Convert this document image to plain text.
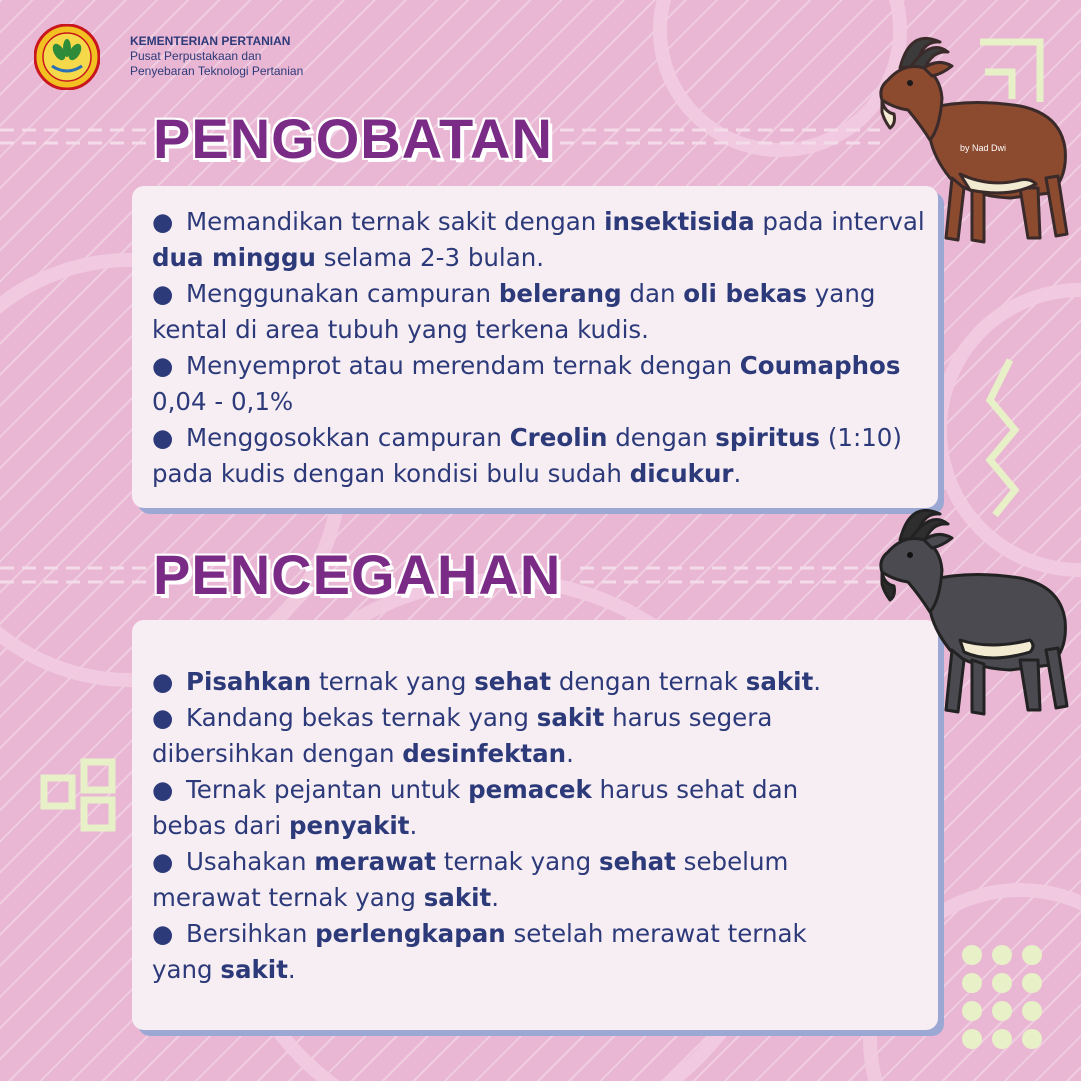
KEMENTERIAN PERTANIAN
Pusat Perpustakaan dan
Penyebaran Teknologi Pertanian
PENGOBATAN
● Memandikan ternak sakit dengan insektisida pada interval dua minggu selama 2-3 bulan.
● Menggunakan campuran belerang dan oli bekas yang kental di area tubuh yang terkena kudis.
● Menyemprot atau merendam ternak dengan Coumaphos 0,04 - 0,1%
● Menggosokkan campuran Creolin dengan spiritus (1:10) pada kudis dengan kondisi bulu sudah dicukur.
PENCEGAHAN
● Pisahkan ternak yang sehat dengan ternak sakit.
● Kandang bekas ternak yang sakit harus segera dibersihkan dengan desinfektan.
● Ternak pejantan untuk pemacek harus sehat dan bebas dari penyakit.
● Usahakan merawat ternak yang sehat sebelum merawat ternak yang sakit.
● Bersihkan perlengkapan setelah merawat ternak yang sakit.
by Nad Dwi
